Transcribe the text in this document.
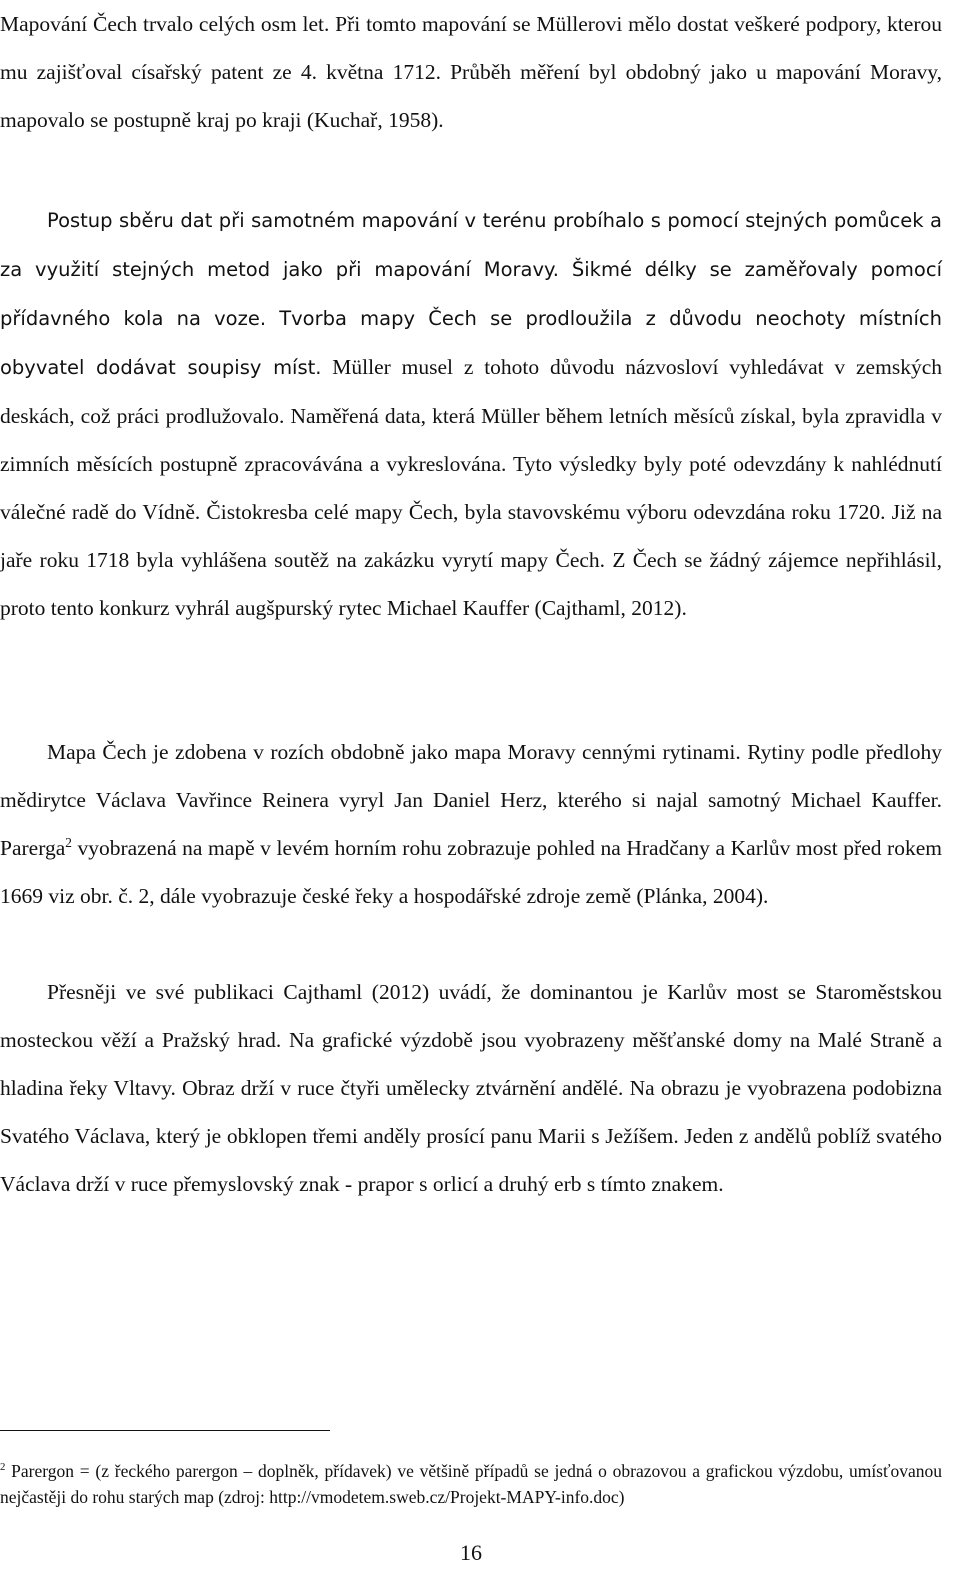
Mapování Čech trvalo celých osm let. Při tomto mapování se Müllerovi mělo dostat veškeré podpory, kterou mu zajišťoval císařský patent ze 4. května 1712. Průběh měření byl obdobný jako u mapování Moravy, mapovalo se postupně kraj po kraji (Kuchař, 1958).

Postup sběru dat při samotném mapování v terénu probíhalo s pomocí stejných pomůcek a za využití stejných metod jako při mapování Moravy. Šikmé délky se zaměřovaly pomocí přídavného kola na voze. Tvorba mapy Čech se prodloužila z důvodu neochoty místních obyvatel dodávat soupisy míst. Müller musel z tohoto důvodu názvosloví vyhledávat v zemských deskách, což práci prodlužovalo. Naměřená data, která Müller během letních měsíců získal, byla zpravidla v zimních měsících postupně zpracovávána a vykreslována. Tyto výsledky byly poté odevzdány k nahlédnutí válečné radě do Vídně. Čistokresba celé mapy Čech, byla stavovskému výboru odevzdána roku 1720. Již na jaře roku 1718 byla vyhlášena soutěž na zakázku vyrytí mapy Čech. Z Čech se žádný zájemce nepřihlásil, proto tento konkurz vyhrál augšpurský rytec Michael Kauffer (Cajthaml, 2012).

Mapa Čech je zdobena v rozích obdobně jako mapa Moravy cennými rytinami. Rytiny podle předlohy mědirytce Václava Vavřince Reinera vyryl Jan Daniel Herz, kterého si najal samotný Michael Kauffer. Parerga$^2$ vyobrazená na mapě v levém horním rohu zobrazuje pohled na Hradčany a Karlův most před rokem 1669 viz obr. č. 2, dále vyobrazuje české řeky a hospodářské zdroje země (Plánka, 2004).

Přesněji ve své publikaci Cajthaml (2012) uvádí, že dominantou je Karlův most se Staroměstskou mosteckou věží a Pražský hrad. Na grafické výzdobě jsou vyobrazeny měšťanské domy na Malé Straně a hladina řeky Vltavy. Obraz drží v ruce čtyři umělecky ztvárnění andělé. Na obrazu je vyobrazena podobizna Svatého Václava, který je obklopen třemi anděly prosící panu Marii s Ježíšem. Jeden z andělů poblíž svatého Václava drží v ruce přemyslovský znak - prapor s orlicí a druhý erb s tímto znakem.

$^2$ Parergon = (z řeckého parergon – doplněk, přídavek) ve většině případů se jedná o obrazovou a grafickou výzdobu, umísťovanou nejčastěji do rohu starých map (zdroj: http://vmodetem.sweb.cz/Projekt-MAPY-info.doc)

16
